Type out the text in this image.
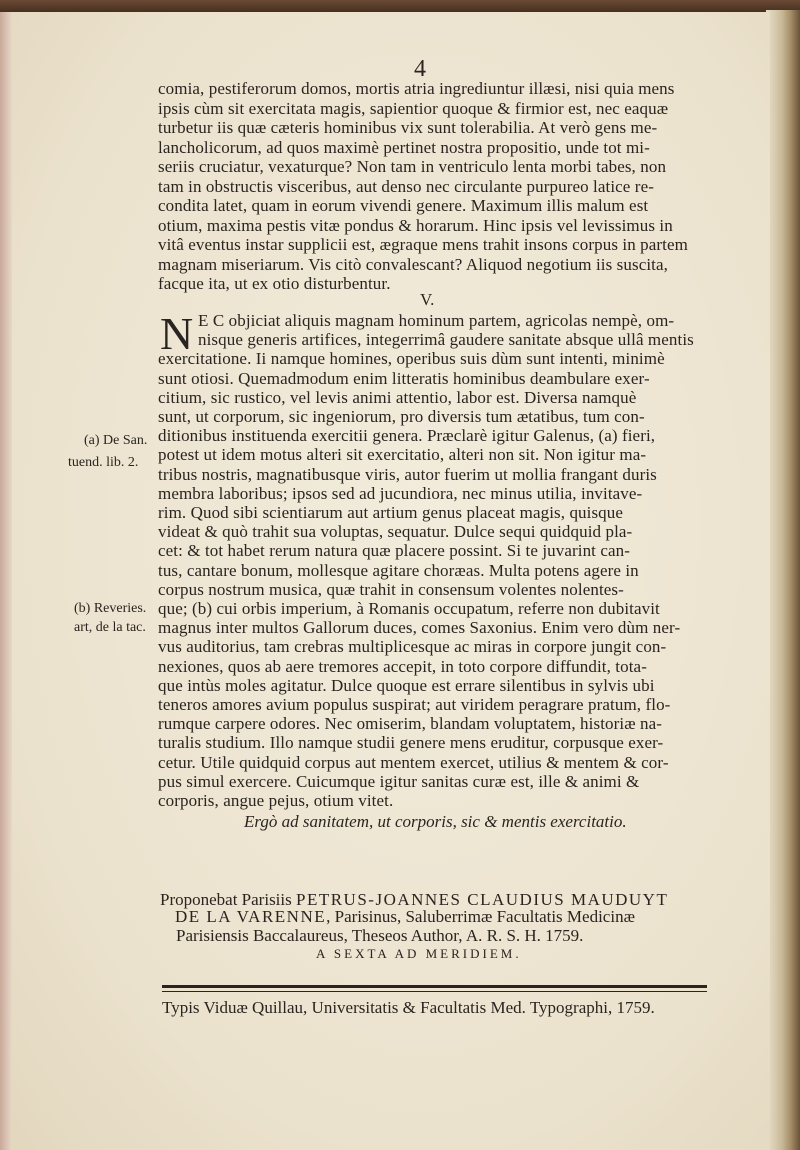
4
comia, pestiferorum domos, mortis atria ingrediuntur illæsi, nisi quia mens
ipsis cùm sit exercitata magis, sapientior quoque & firmior est, nec eaquæ
turbetur iis quæ cæteris hominibus vix sunt tolerabilia. At verò gens me-
lancholicorum, ad quos maximè pertinet nostra propositio, unde tot mi-
seriis cruciatur, vexaturque? Non tam in ventriculo lenta morbi tabes, non
tam in obstructis visceribus, aut denso nec circulante purpureo latice re-
condita latet, quam in eorum vivendi genere. Maximum illis malum est
otium, maxima pestis vitæ pondus & horarum. Hinc ipsis vel levissimus in
vitâ eventus instar supplicii est, ægraque mens trahit insons corpus in partem
magnam miseriarum. Vis citò convalescant? Aliquod negotium iis suscita,
facque ita, ut ex otio disturbentur.
V.
N E C objiciat aliquis magnam hominum partem, agricolas nempè, om-
nisque generis artifices, integerrimâ gaudere sanitate absque ullâ mentis
exercitatione. Ii namque homines, operibus suis dùm sunt intenti, minimè
sunt otiosi. Quemadmodum enim litteratis hominibus deambulare exer-
citium, sic rustico, vel levis animi attentio, labor est. Diversa namquè
sunt, ut corporum, sic ingeniorum, pro diversis tum ætatibus, tum con-
ditionibus instituenda exercitii genera. Præclarè igitur Galenus, (a) fieri,
potest ut idem motus alteri sit exercitatio, alteri non sit. Non igitur ma-
tribus nostris, magnatibusque viris, autor fuerim ut mollia frangant duris
membra laboribus; ipsos sed ad jucundiora, nec minus utilia, invitave-
rim. Quod sibi scientiarum aut artium genus placeat magis, quisque
videat & quò trahit sua voluptas, sequatur. Dulce sequi quidquid pla-
cet: & tot habet rerum natura quæ placere possint. Si te juvarint can-
tus, cantare bonum, mollesque agitare choræas. Multa potens agere in
corpus nostrum musica, quæ trahit in consensum volentes nolentes-
que; (b) cui orbis imperium, à Romanis occupatum, referre non dubitavit
magnus inter multos Gallorum duces, comes Saxonius. Enim vero dùm ner-
vus auditorius, tam crebras multiplicesque ac miras in corpore jungit con-
nexiones, quos ab aere tremores accepit, in toto corpore diffundit, tota-
que intùs moles agitatur. Dulce quoque est errare silentibus in sylvis ubi
teneros amores avium populus suspirat; aut viridem peragrare pratum, flo-
rumque carpere odores. Nec omiserim, blandam voluptatem, historiæ na-
turalis studium. Illo namque studii genere mens eruditur, corpusque exer-
cetur. Utile quidquid corpus aut mentem exercet, utilius & mentem & cor-
pus simul exercere. Cuicumque igitur sanitas curæ est, ille & animi &
corporis, angue pejus, otium vitet.
(a) De San.
tuend. lib. 2.
(b) Reveries.
art, de la tac.
Ergò ad sanitatem, ut corporis, sic & mentis exercitatio.
Proponebat Parisiis PETRUS-JOANNES CLAUDIUS MAUDUYT
DE LA VARENNE, Parisinus, Saluberrimæ Facultatis Medicinæ
Parisiensis Baccalaureus, Theseos Author, A. R. S. H. 1759.
A SEXTA AD MERIDIEM.
Typis Viduæ Quillau, Universitatis & Facultatis Med. Typographi, 1759.
